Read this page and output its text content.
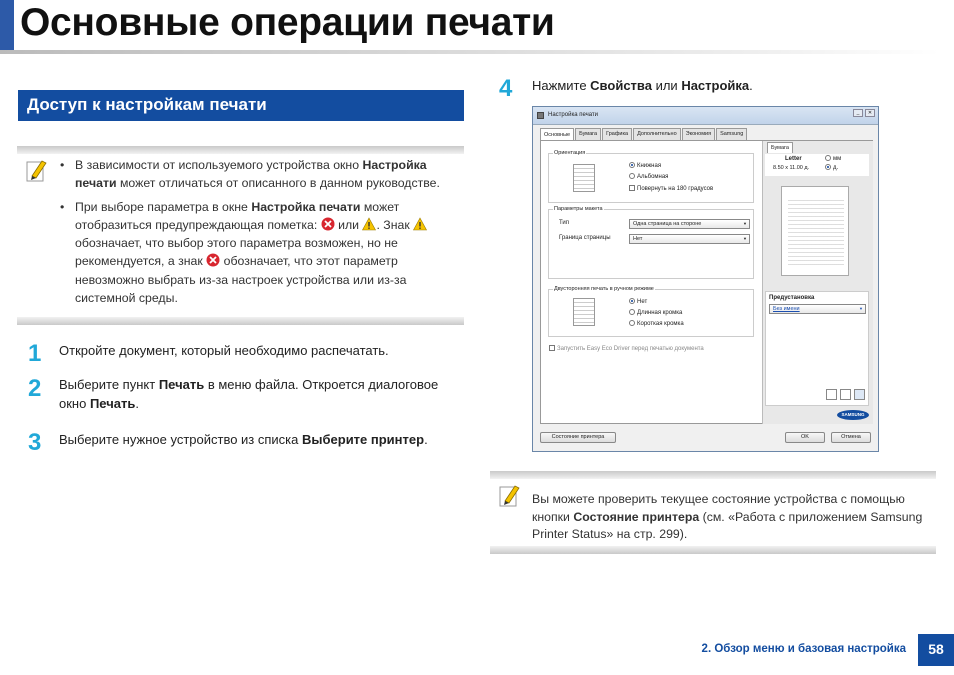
Основные операции печати
Доступ к настройкам печати
• В зависимости от используемого устройства окно Настройка печати может отличаться от описанного в данном руководстве.
• При выборе параметра в окне Настройка печати может отобразиться предупреждающая пометка:  или . Знак  обозначает, что выбор этого параметра возможен, но не рекомендуется, а знак  обозначает, что этот параметр невозможно выбрать из-за настроек устройства или из-за системной среды.
1 Откройте документ, который необходимо распечатать.
2 Выберите пункт Печать в меню файла. Откроется диалоговое окно Печать.
3 Выберите нужное устройство из списка Выберите принтер.
4 Нажмите Свойства или Настройка.
Настройка печати	_	✕
Основные	Бумага	Графика	Дополнительно	Экономия	Samsung
Ориентация
Книжная
Альбомная
Повернуть на 180 градусов
Параметры макета
Тип	Одна страница на стороне ▼
Граница страницы	Нет ▼
Двусторонняя печать в ручном режиме
Нет
Длинная кромка
Короткая кромка
Запустить Easy Eco Driver перед печатью документа
Бумага
Letter
8.50 x 11.00 д.
мм
д.
Предустановка
Без имени ▼
SAMSUNG
Состояние принтера	OK	Отмена
Вы можете проверить текущее состояние устройства с помощью кнопки Состояние принтера (см. «Работа с приложением Samsung Printer Status» на стр. 299).
2. Обзор меню и базовая настройка	58
